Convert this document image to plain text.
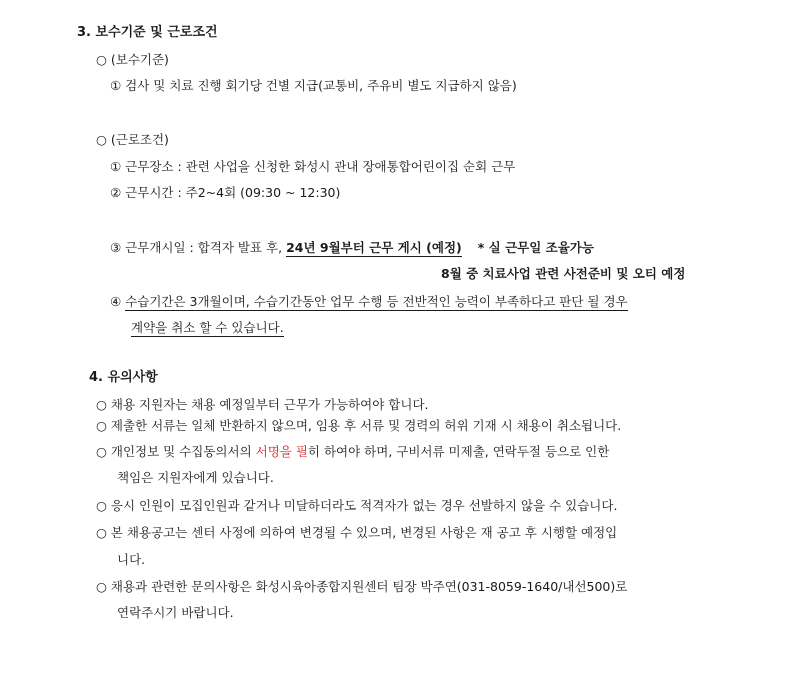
3. 보수기준 및 근로조건
○ (보수기준)
① 검사 및 치료 진행 회기당 건별 지급(교통비, 주유비 별도 지급하지 않음)
○ (근로조건)
① 근무장소 : 관련 사업을 신청한 화성시 관내 장애통합어린이집 순회 근무
② 근무시간 : 주2~4회 (09:30 ~ 12:30)
③ 근무개시일 : 합격자 발표 후, 24년 9월부터 근무 게시 (예정) * 실 근무일 조율가능
8월 중 치료사업 관련 사전준비 및 오티 예정
④ 수습기간은 3개월이며, 수습기간동안 업무 수행 등 전반적인 능력이 부족하다고 판단 될 경우
계약을 취소 할 수 있습니다.
4. 유의사항
○ 채용 지원자는 채용 예정일부터 근무가 가능하여야 합니다.
○ 제출한 서류는 일체 반환하지 않으며, 임용 후 서류 및 경력의 허위 기재 시 채용이 취소됩니다.
○ 개인정보 및 수집동의서의 서명을 필히 하여야 하며, 구비서류 미제출, 연락두절 등으로 인한
책임은 지원자에게 있습니다.
○ 응시 인원이 모집인원과 같거나 미달하더라도 적격자가 없는 경우 선발하지 않을 수 있습니다.
○ 본 채용공고는 센터 사정에 의하여 변경될 수 있으며, 변경된 사항은 재 공고 후 시행할 예정입
니다.
○ 채용과 관련한 문의사항은 화성시육아종합지원센터 팀장 박주연(031-8059-1640/내선500)로
연락주시기 바랍니다.
